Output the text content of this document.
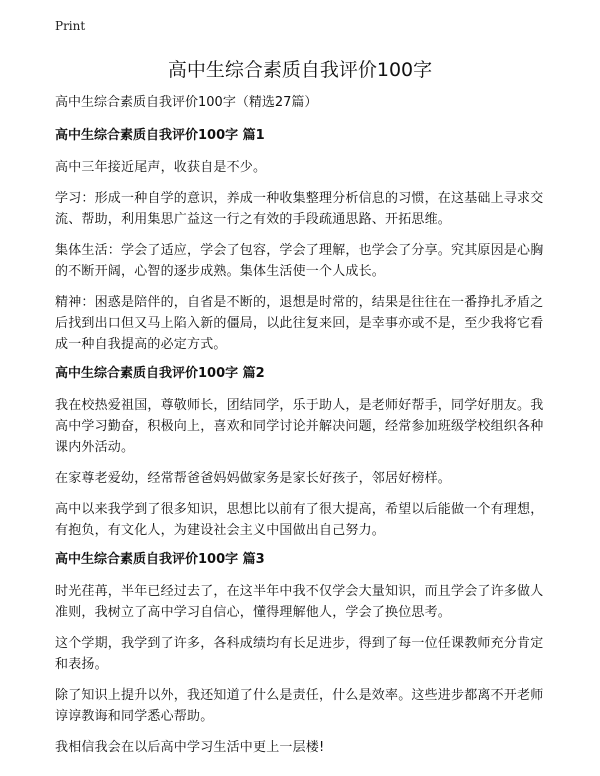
Print
高中生综合素质自我评价100字

高中生综合素质自我评价100字（精选27篇）

高中生综合素质自我评价100字 篇1

高中三年接近尾声，收获自是不少。

学习：形成一种自学的意识，养成一种收集整理分析信息的习惯，在这基础上寻求交流、帮助，利用集思广益这一行之有效的手段疏通思路、开拓思维。

集体生活：学会了适应，学会了包容，学会了理解，也学会了分享。究其原因是心胸的不断开阔，心智的逐步成熟。集体生活使一个人成长。

精神：困惑是陪伴的，自省是不断的，退想是时常的，结果是往往在一番挣扎矛盾之后找到出口但又马上陷入新的僵局，以此往复来回，是幸事亦或不是，至少我将它看成一种自我提高的必定方式。

高中生综合素质自我评价100字 篇2

我在校热爱祖国，尊敬师长，团结同学，乐于助人，是老师好帮手，同学好朋友。我高中学习勤奋，积极向上，喜欢和同学讨论并解决问题，经常参加班级学校组织各种课内外活动。

在家尊老爱幼，经常帮爸爸妈妈做家务是家长好孩子，邻居好榜样。

高中以来我学到了很多知识，思想比以前有了很大提高，希望以后能做一个有理想，有抱负，有文化人，为建设社会主义中国做出自己努力。

高中生综合素质自我评价100字 篇3

时光荏苒，半年已经过去了，在这半年中我不仅学会大量知识，而且学会了许多做人准则，我树立了高中学习自信心，懂得理解他人，学会了换位思考。

这个学期，我学到了许多，各科成绩均有长足进步，得到了每一位任课教师充分肯定和表扬。

除了知识上提升以外，我还知道了什么是责任，什么是效率。这些进步都离不开老师谆谆教诲和同学悉心帮助。

我相信我会在以后高中学习生活中更上一层楼!
